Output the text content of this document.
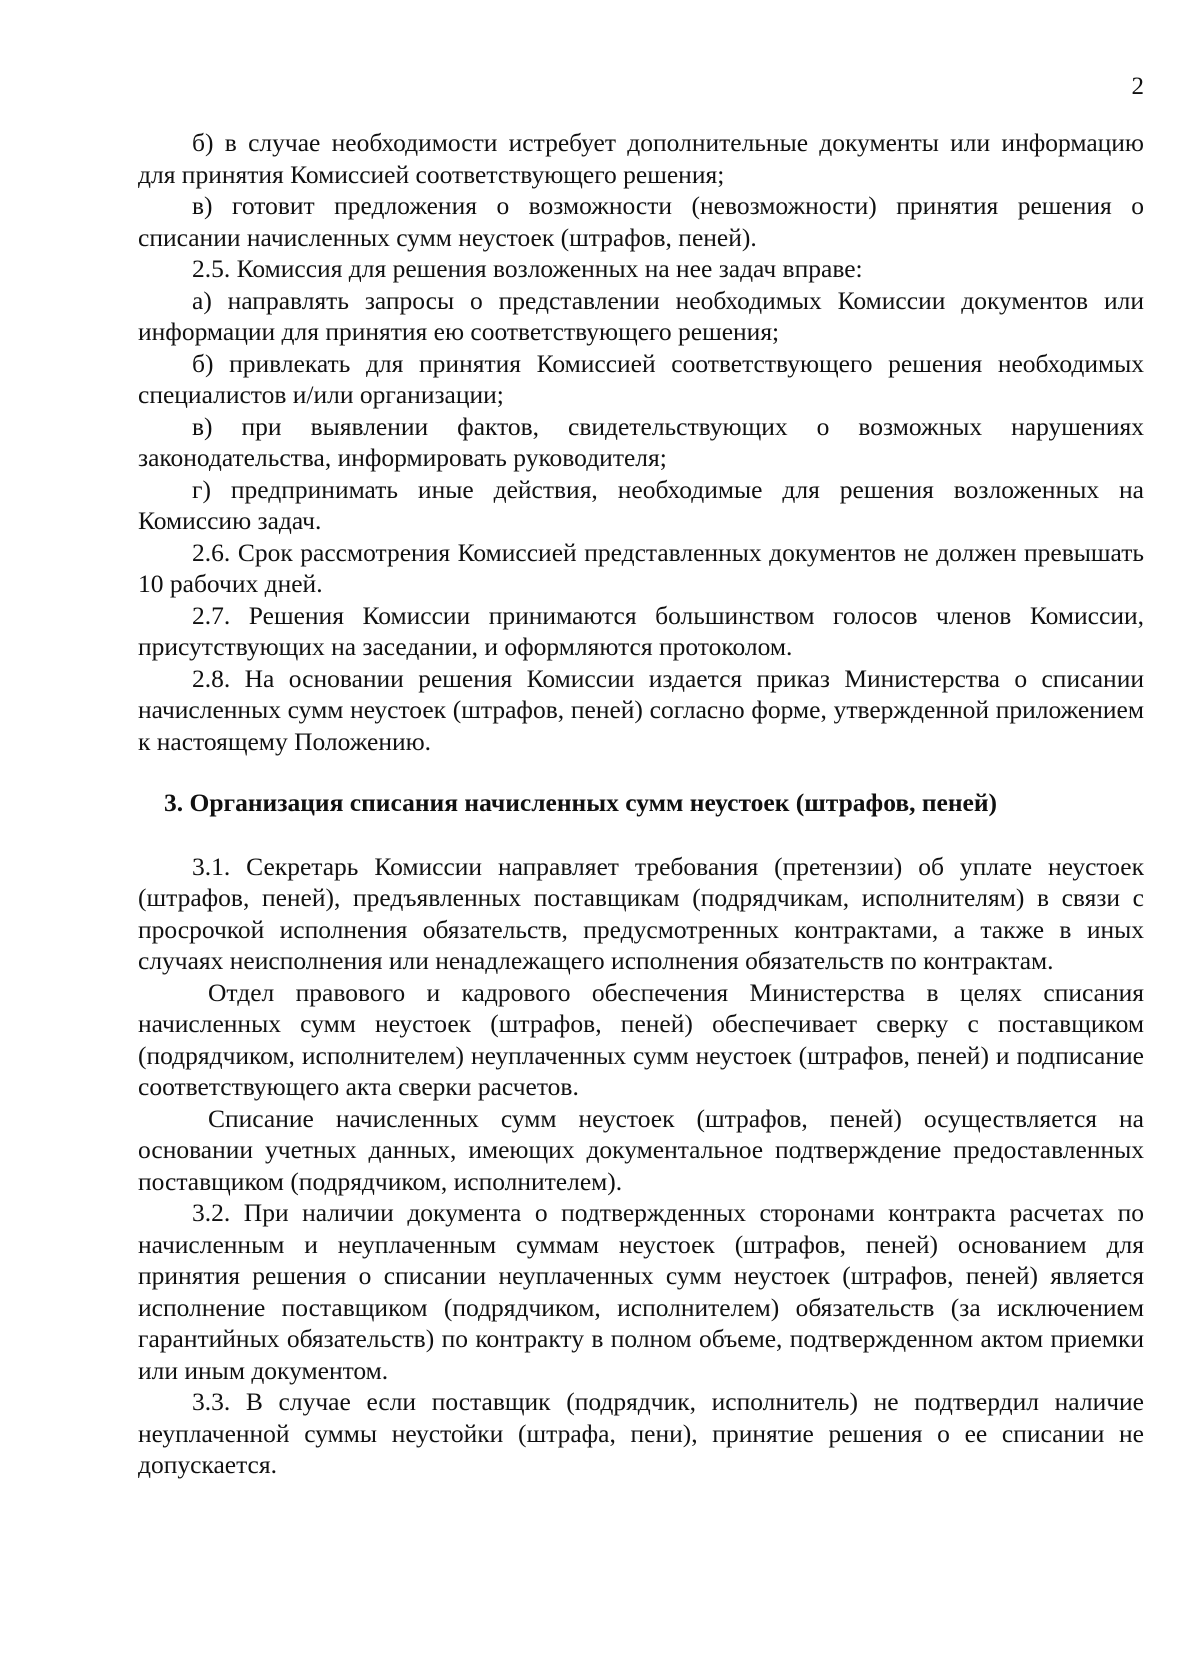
2

б) в случае необходимости истребует дополнительные документы или информацию для принятия Комиссией соответствующего решения;

в) готовит предложения о возможности (невозможности) принятия решения о списании начисленных сумм неустоек (штрафов, пеней).

2.5. Комиссия для решения возложенных на нее задач вправе:

а) направлять запросы о представлении необходимых Комиссии документов или информации для принятия ею соответствующего решения;

б) привлекать для принятия Комиссией соответствующего решения необходимых специалистов и/или организации;

в) при выявлении фактов, свидетельствующих о возможных нарушениях законодательства, информировать руководителя;

г) предпринимать иные действия, необходимые для решения возложенных на Комиссию задач.

2.6. Срок рассмотрения Комиссией представленных документов не должен превышать 10 рабочих дней.

2.7. Решения Комиссии принимаются большинством голосов членов Комиссии, присутствующих на заседании, и оформляются протоколом.

2.8. На основании решения Комиссии издается приказ Министерства о списании начисленных сумм неустоек (штрафов, пеней) согласно форме, утвержденной приложением к настоящему Положению.

3. Организация списания начисленных сумм неустоек (штрафов, пеней)

3.1. Секретарь Комиссии направляет требования (претензии) об уплате неустоек (штрафов, пеней), предъявленных поставщикам (подрядчикам, исполнителям) в связи с просрочкой исполнения обязательств, предусмотренных контрактами, а также в иных случаях неисполнения или ненадлежащего исполнения обязательств по контрактам.

Отдел правового и кадрового обеспечения Министерства в целях списания начисленных сумм неустоек (штрафов, пеней) обеспечивает сверку с поставщиком (подрядчиком, исполнителем) неуплаченных сумм неустоек (штрафов, пеней) и подписание соответствующего акта сверки расчетов.

Списание начисленных сумм неустоек (штрафов, пеней) осуществляется на основании учетных данных, имеющих документальное подтверждение предоставленных поставщиком (подрядчиком, исполнителем).

3.2. При наличии документа о подтвержденных сторонами контракта расчетах по начисленным и неуплаченным суммам неустоек (штрафов, пеней) основанием для принятия решения о списании неуплаченных сумм неустоек (штрафов, пеней) является исполнение поставщиком (подрядчиком, исполнителем) обязательств (за исключением гарантийных обязательств) по контракту в полном объеме, подтвержденном актом приемки или иным документом.

3.3. В случае если поставщик (подрядчик, исполнитель) не подтвердил наличие неуплаченной суммы неустойки (штрафа, пени), принятие решения о ее списании не допускается.
